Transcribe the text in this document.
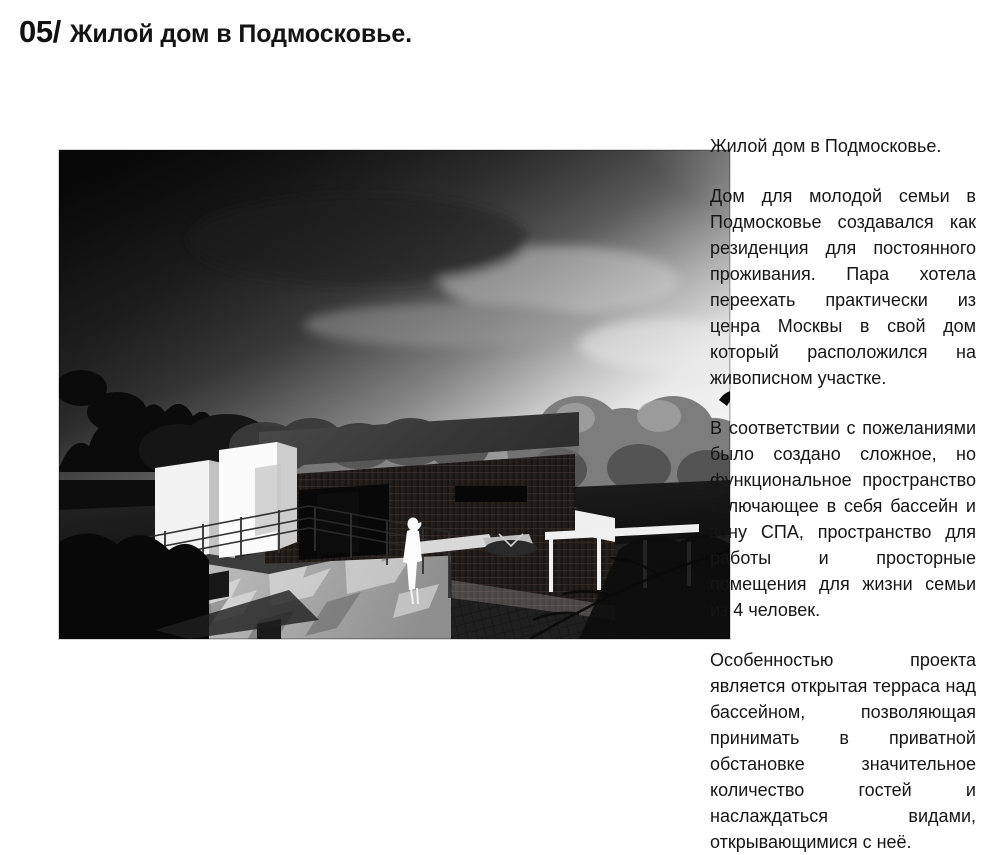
05/ Жилой дом в Подмосковье.

Жилой дом в Подмосковье.

Дом для молодой семьи в Подмосковье создавался как резиденция для постоянного проживания. Пара хотела переехать практически из ценра Москвы в свой дом который расположился на живописном участке.

В соответствии с пожеланиями было создано сложное, но функциональное пространство включающее в себя бассейн и зону СПА, пространство для работы и просторные помещения для жизни семьи из 4 человек.

Особенностью проекта является открытая терраса над бассейном, позволяющая принимать в приватной обстановке значительное количество гостей и наслаждаться видами, открывающимися с неё.
